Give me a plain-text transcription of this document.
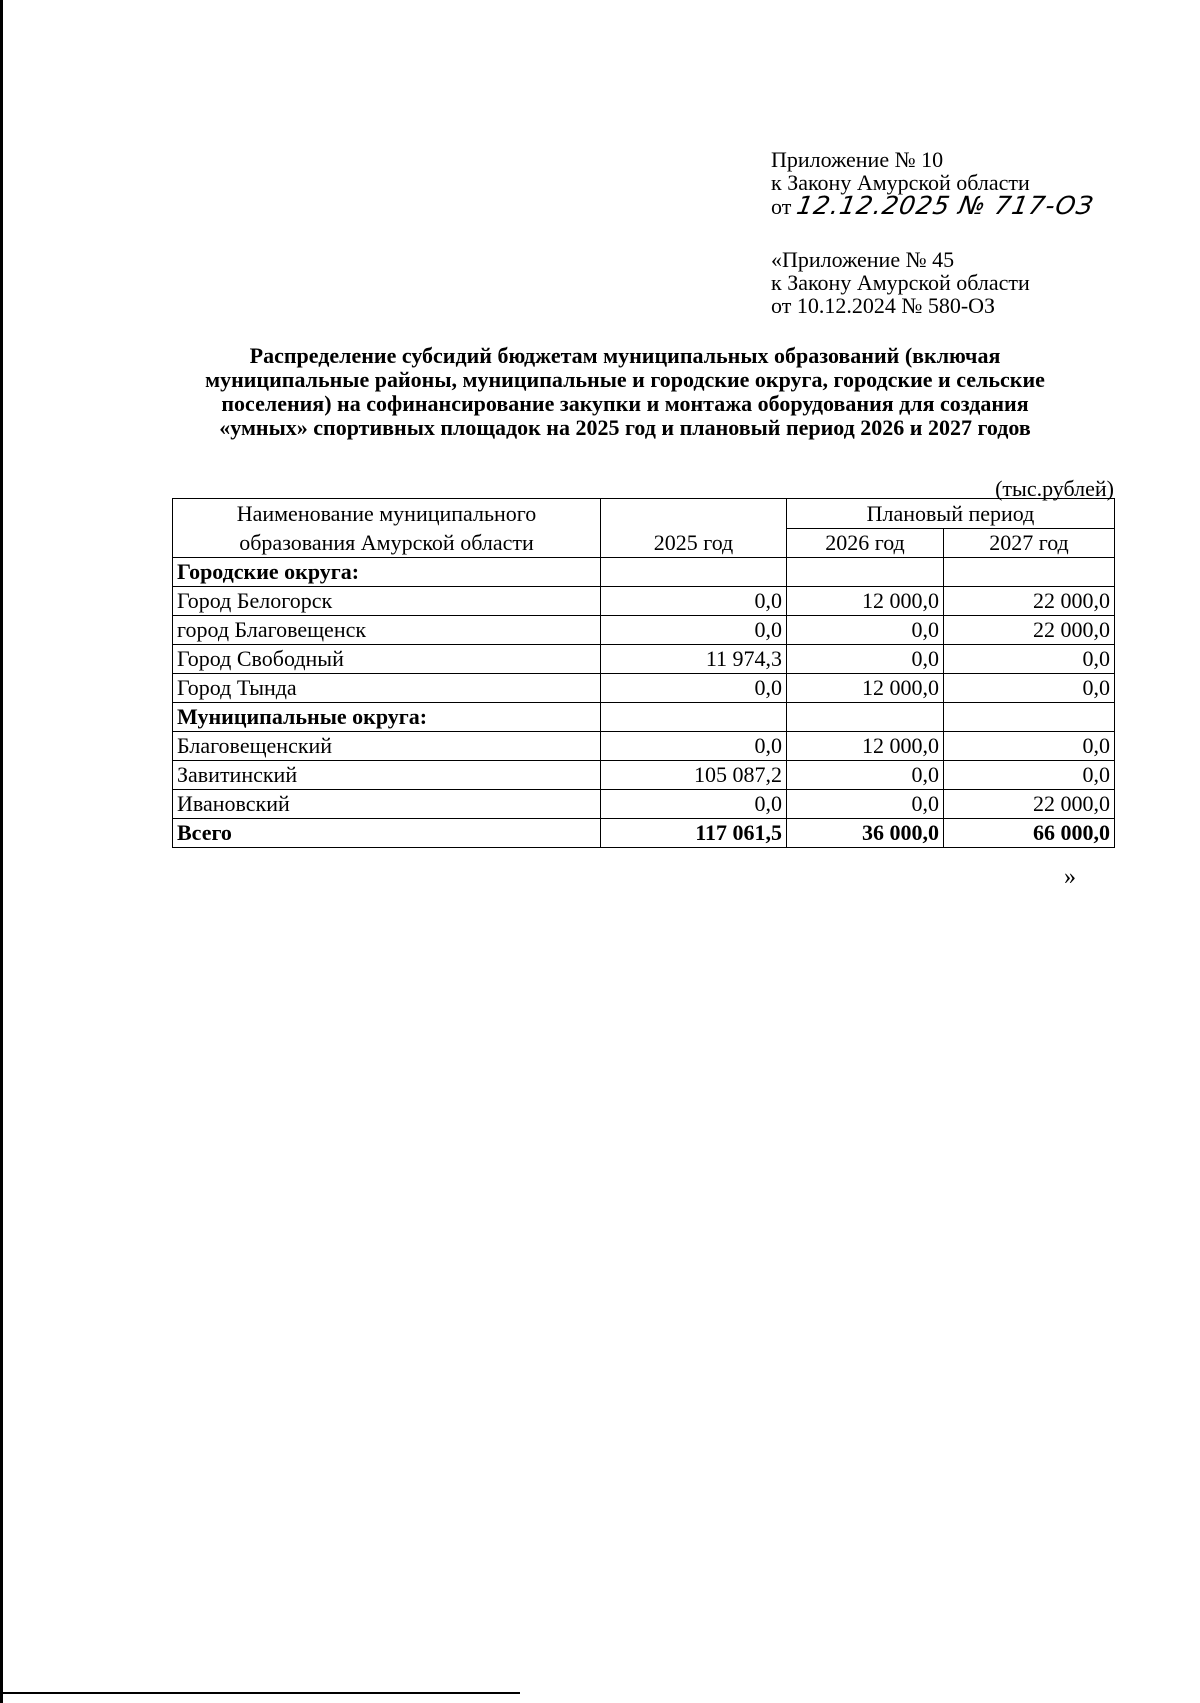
Приложение № 10
к Закону Амурской области
от 12.12.2025 № 717-ОЗ
«Приложение № 45
к Закону Амурской области
от 10.12.2024 № 580-ОЗ
Распределение субсидий бюджетам муниципальных образований (включая
муниципальные районы, муниципальные и городские округа, городские и сельские
поселения) на софинансирование закупки и монтажа оборудования для создания
«умных» спортивных площадок на 2025 год и плановый период 2026 и 2027 годов
(тыс.рублей)
Наименование муниципального
образования Амурской области	2025 год	Плановый период	
		2026 год	2027 год
Городские округа:			
Город Белогорск	0,0	12 000,0	22 000,0
город Благовещенск	0,0	0,0	22 000,0
Город Свободный	11 974,3	0,0	0,0
Город Тында	0,0	12 000,0	0,0
Муниципальные округа:			
Благовещенский	0,0	12 000,0	0,0
Завитинский	105 087,2	0,0	0,0
Ивановский	0,0	0,0	22 000,0
Всего	117 061,5	36 000,0	66 000,0
»
